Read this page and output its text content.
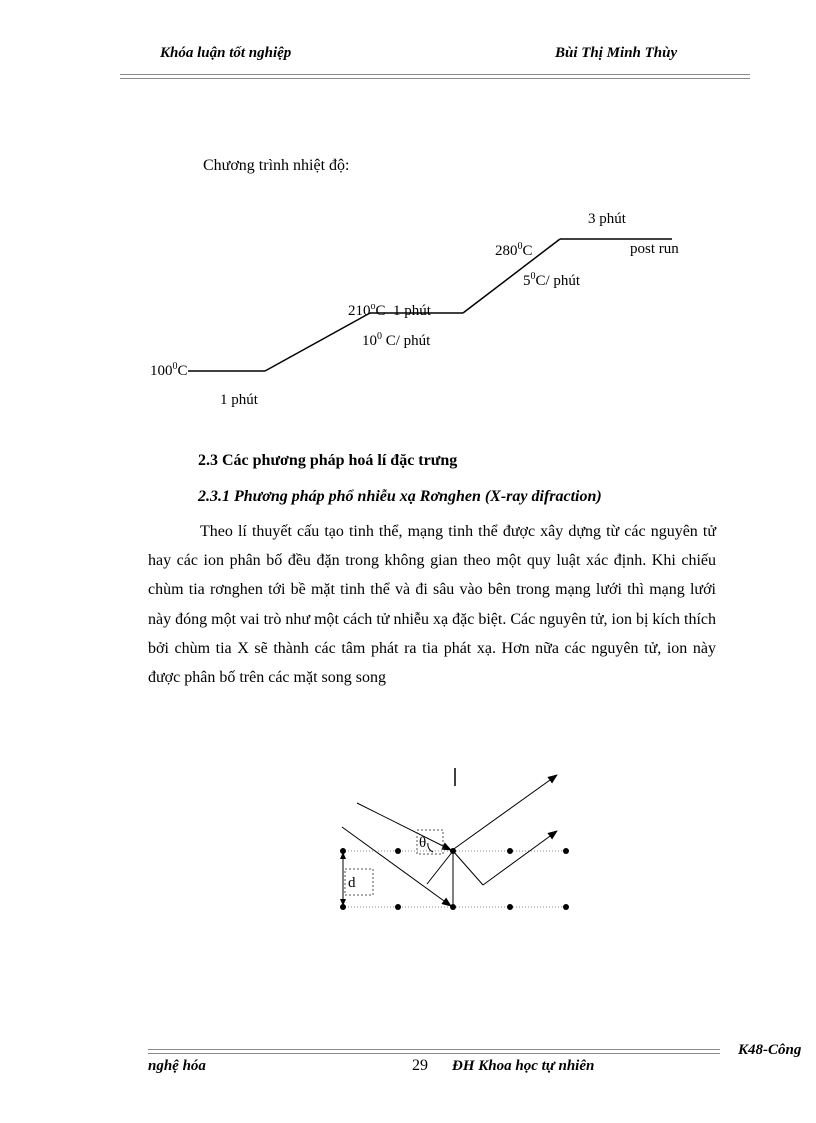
Khóa luận tốt nghiệp	Bùi Thị Minh Thùy
Chương trình nhiệt độ:
3 phút
$280^0C$	post run
$5^0C/$ phút
210$^o$C 1 phút
$10^0$ C/ phút
$100^0C$
1 phút
2.3 Các phương pháp hoá lí đặc trưng
2.3.1 Phương pháp phổ nhiễu xạ Rơnghen (X-ray difraction)

Theo lí thuyết cấu tạo tinh thể, mạng tinh thể được xây dựng từ các nguyên tử hay các ion phân bố đều đặn trong không gian theo một quy luật xác định. Khi chiếu chùm tia rơnghen tới bề mặt tinh thể và đi sâu vào bên trong mạng lưới thì mạng lưới này đóng một vai trò như một cách tử nhiễu xạ đặc biệt. Các nguyên tử, ion bị kích thích bởi chùm tia X sẽ thành các tâm phát ra tia phát xạ. Hơn nữa các nguyên tử, ion này được phân bố trên các mặt song song

θ
d
K48-Công
nghệ hóa	29 ĐH Khoa học tự nhiên
